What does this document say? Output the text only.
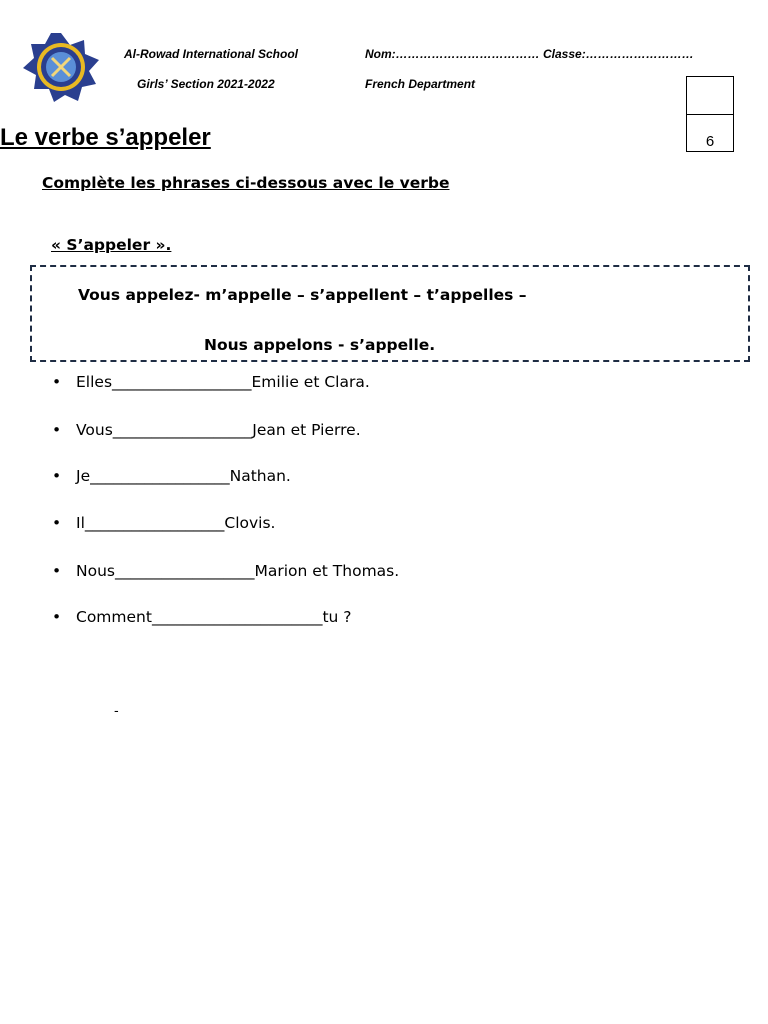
Al-Rowad International School
Girls’ Section 2021-2022
Nom:……………………………… Classe:………………………
French Department
6
Le verbe s’appeler
Complète les phrases ci-dessous avec le verbe
« S’appeler ».
Vous appelez- m’appelle – s’appellent – t’appelles –
Nous appelons - s’appelle.
• Elles__________________Emilie et Clara.
• Vous__________________Jean et Pierre.
• Je__________________Nathan.
• Il__________________Clovis.
• Nous__________________Marion et Thomas.
• Comment______________________tu ?
-
